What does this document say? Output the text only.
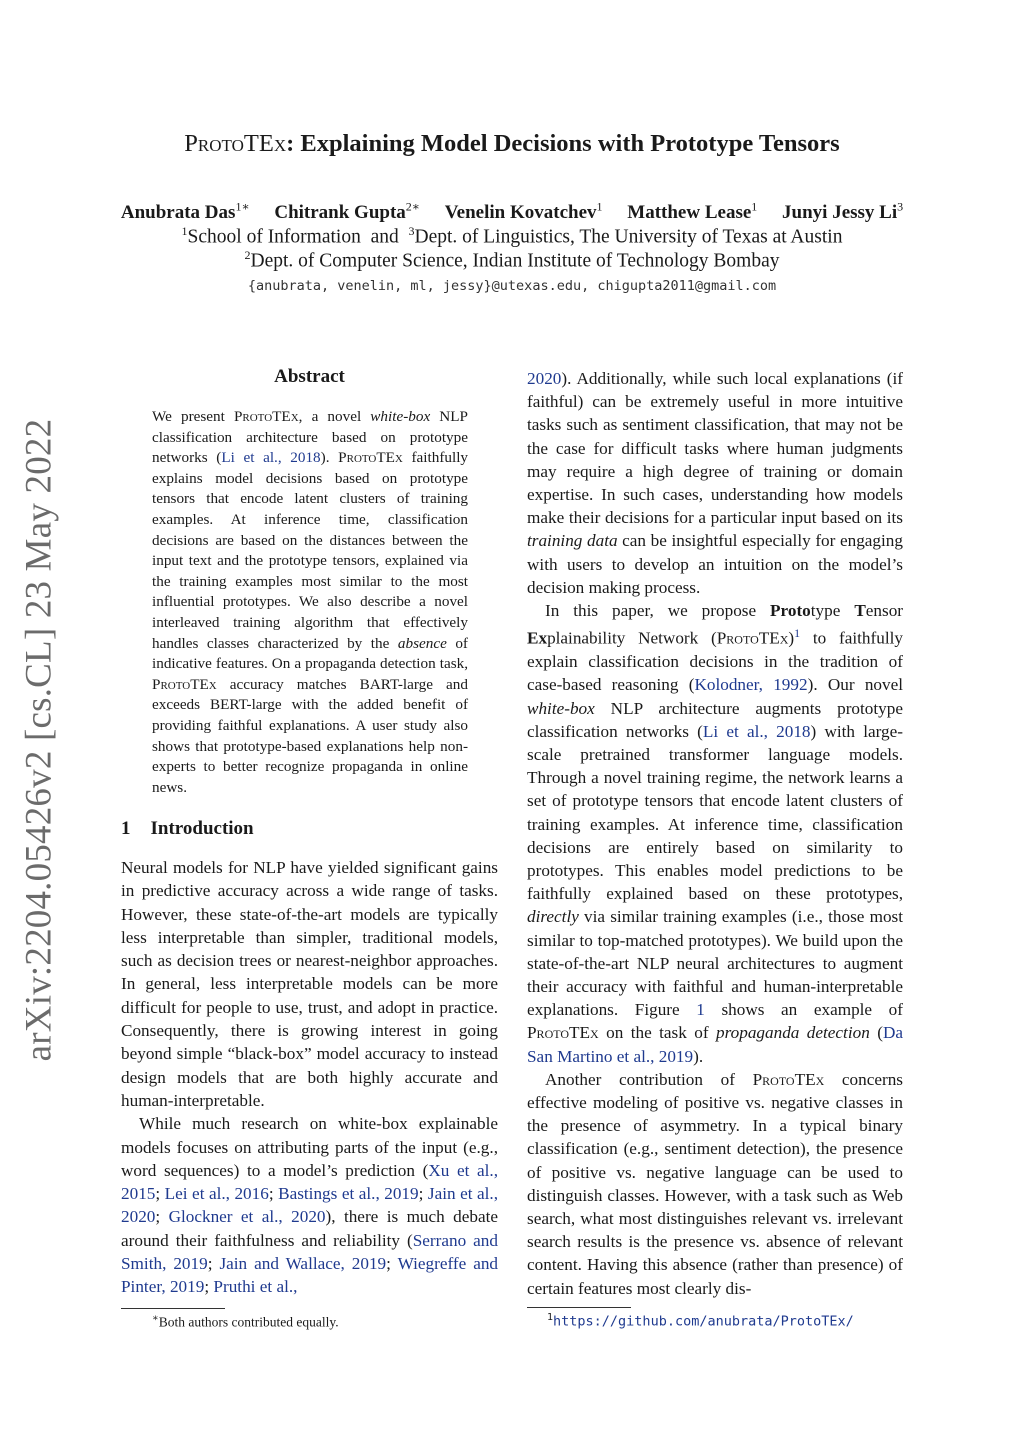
arXiv:2204.05426v2 [cs.CL] 23 May 2022
ProtoTEx: Explaining Model Decisions with Prototype Tensors

Anubrata Das$^{1∗}$ Chitrank Gupta$^{2∗}$ Venelin Kovatchev$^1$ Matthew Lease$^1$ Junyi Jessy Li$^3$

$^1$School of Information  and  $^3$Dept. of Linguistics, The University of Texas at Austin

$^2$Dept. of Computer Science, Indian Institute of Technology Bombay

{anubrata, venelin, ml, jessy}@utexas.edu, chigupta2011@gmail.com

Abstract

We present ProtoTEx, a novel white-box NLP classification architecture based on prototype networks (Li et al., 2018). ProtoTEx faithfully explains model decisions based on prototype tensors that encode latent clusters of training examples. At inference time, classification decisions are based on the distances between the input text and the prototype tensors, explained via the training examples most similar to the most influential prototypes. We also describe a novel interleaved training algorithm that effectively handles classes characterized by the absence of indicative features. On a propaganda detection task, ProtoTEx accuracy matches BART-large and exceeds BERT-large with the added benefit of providing faithful explanations. A user study also shows that prototype-based explanations help non-experts to better recognize propaganda in online news.

1 Introduction

Neural models for NLP have yielded significant gains in predictive accuracy across a wide range of tasks. However, these state-of-the-art models are typically less interpretable than simpler, traditional models, such as decision trees or nearest-neighbor approaches. In general, less interpretable models can be more difficult for people to use, trust, and adopt in practice. Consequently, there is growing interest in going beyond simple “black-box” model accuracy to instead design models that are both highly accurate and human-interpretable.

While much research on white-box explainable models focuses on attributing parts of the input (e.g., word sequences) to a model’s prediction (Xu et al., 2015; Lei et al., 2016; Bastings et al., 2019; Jain et al., 2020; Glockner et al., 2020), there is much debate around their faithfulness and reliability (Serrano and Smith, 2019; Jain and Wallace, 2019; Wiegreffe and Pinter, 2019; Pruthi et al.,

2020). Additionally, while such local explanations (if faithful) can be extremely useful in more intuitive tasks such as sentiment classification, that may not be the case for difficult tasks where human judgments may require a high degree of training or domain expertise. In such cases, understanding how models make their decisions for a particular input based on its training data can be insightful especially for engaging with users to develop an intuition on the model’s decision making process.

In this paper, we propose Prototype Tensor Explainability Network (ProtoTEx)$^1$ to faithfully explain classification decisions in the tradition of case-based reasoning (Kolodner, 1992). Our novel white-box NLP architecture augments prototype classification networks (Li et al., 2018) with large-scale pretrained transformer language models. Through a novel training regime, the network learns a set of prototype tensors that encode latent clusters of training examples. At inference time, classification decisions are entirely based on similarity to prototypes. This enables model predictions to be faithfully explained based on these prototypes, directly via similar training examples (i.e., those most similar to top-matched prototypes). We build upon the state-of-the-art NLP neural architectures to augment their accuracy with faithful and human-interpretable explanations. Figure 1 shows an example of ProtoTEx on the task of propaganda detection (Da San Martino et al., 2019).

Another contribution of ProtoTEx concerns effective modeling of positive vs. negative classes in the presence of asymmetry. In a typical binary classification (e.g., sentiment detection), the presence of positive vs. negative language can be used to distinguish classes. However, with a task such as Web search, what most distinguishes relevant vs. irrelevant search results is the presence vs. absence of relevant content. Having this absence (rather than presence) of certain features most clearly dis-

∗Both authors contributed equally.	$^1$https://github.com/anubrata/ProtoTEx/
